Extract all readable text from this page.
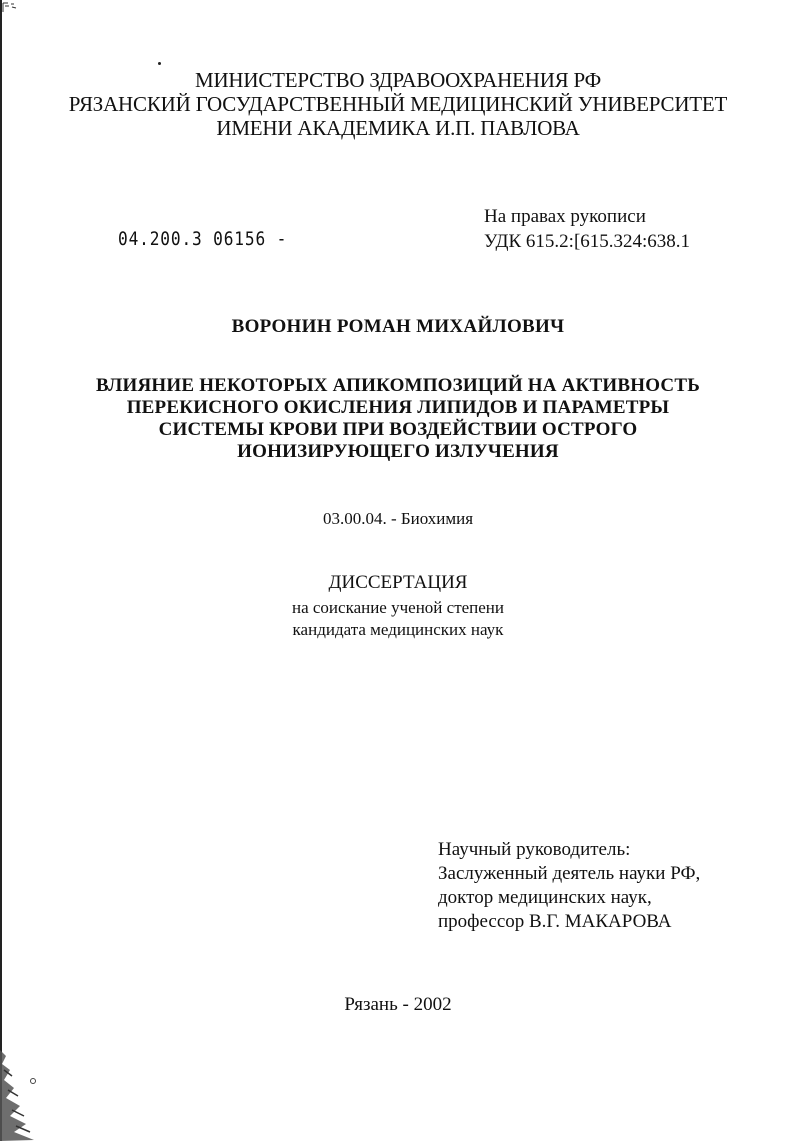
МИНИСТЕРСТВО ЗДРАВООХРАНЕНИЯ РФ
РЯЗАНСКИЙ ГОСУДАРСТВЕННЫЙ МЕДИЦИНСКИЙ УНИВЕРСИТЕТ
ИМЕНИ АКАДЕМИКА И.П. ПАВЛОВА
04.200.3 06156 -
На правах рукописи
УДК 615.2:[615.324:638.1
ВОРОНИН РОМАН МИХАЙЛОВИЧ
ВЛИЯНИЕ НЕКОТОРЫХ АПИКОМПОЗИЦИЙ НА АКТИВНОСТЬ
ПЕРЕКИСНОГО ОКИСЛЕНИЯ ЛИПИДОВ И ПАРАМЕТРЫ
СИСТЕМЫ КРОВИ ПРИ ВОЗДЕЙСТВИИ ОСТРОГО
ИОНИЗИРУЮЩЕГО ИЗЛУЧЕНИЯ
03.00.04. - Биохимия
ДИССЕРТАЦИЯ
на соискание ученой степени
кандидата медицинских наук
Научный руководитель:
Заслуженный деятель науки РФ,
доктор медицинских наук,
профессор В.Г. МАКАРОВА
Рязань - 2002
